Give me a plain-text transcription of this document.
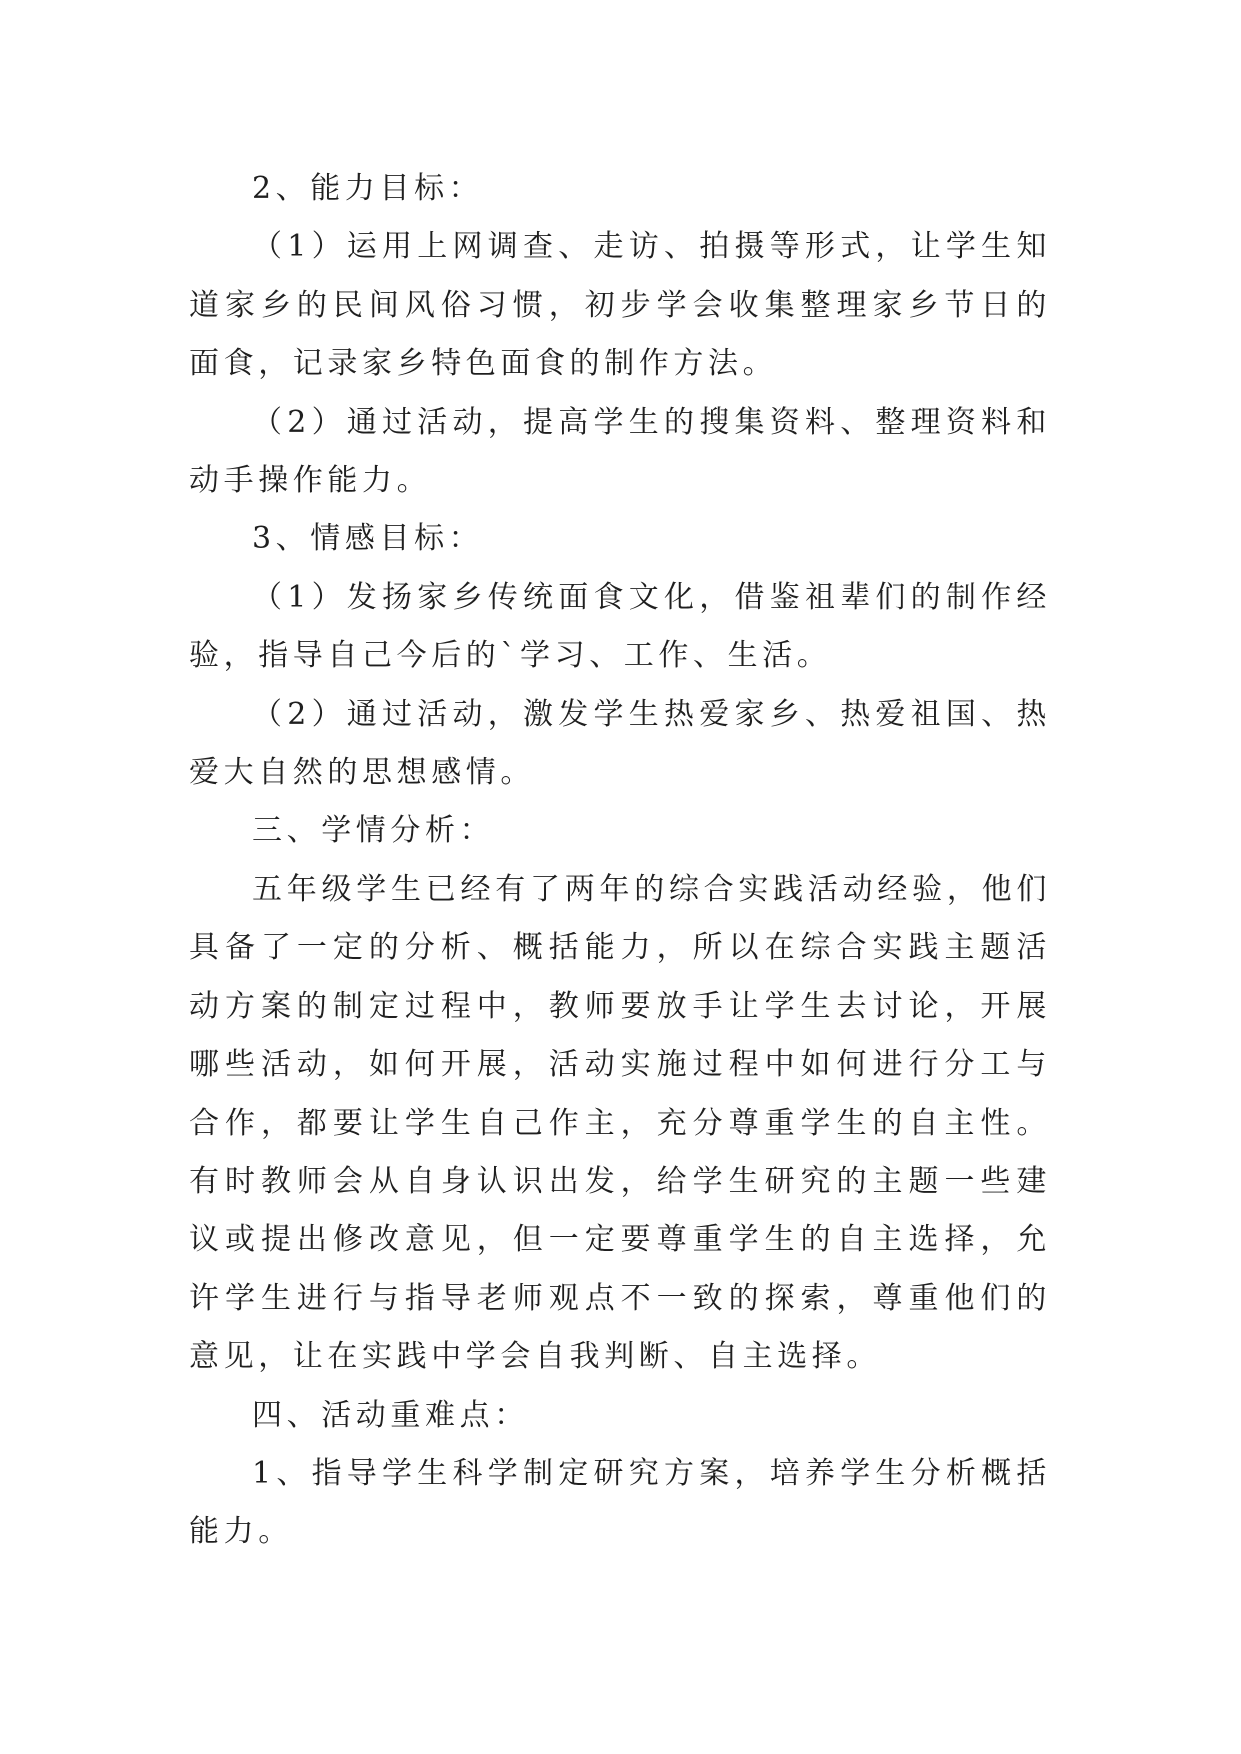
2、能力目标：

（1）运用上网调查、走访、拍摄等形式，让学生知道家乡的民间风俗习惯，初步学会收集整理家乡节日的面食，记录家乡特色面食的制作方法。

（2）通过活动，提高学生的搜集资料、整理资料和动手操作能力。

3、情感目标：

（1）发扬家乡传统面食文化，借鉴祖辈们的制作经验，指导自己今后的`学习、工作、生活。

（2）通过活动，激发学生热爱家乡、热爱祖国、热爱大自然的思想感情。

三、学情分析：

五年级学生已经有了两年的综合实践活动经验，他们具备了一定的分析、概括能力，所以在综合实践主题活动方案的制定过程中，教师要放手让学生去讨论，开展哪些活动，如何开展，活动实施过程中如何进行分工与合作，都要让学生自己作主，充分尊重学生的自主性。有时教师会从自身认识出发，给学生研究的主题一些建议或提出修改意见，但一定要尊重学生的自主选择，允许学生进行与指导老师观点不一致的探索，尊重他们的意见，让在实践中学会自我判断、自主选择。

四、活动重难点：

1、指导学生科学制定研究方案，培养学生分析概括能力。
